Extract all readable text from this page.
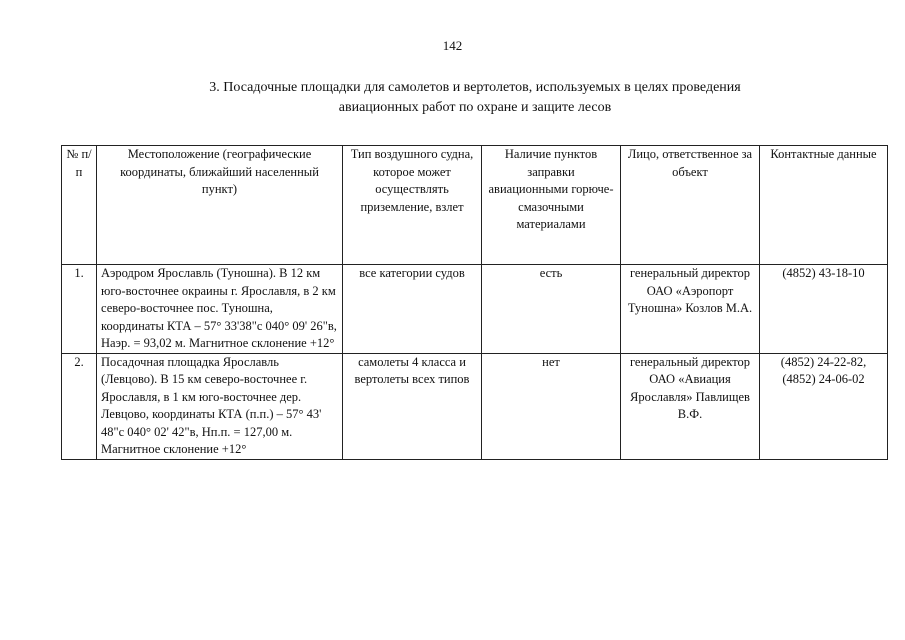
142
3. Посадочные площадки для самолетов и вертолетов, используемых в целях проведения
авиационных работ по охране и защите лесов
№ п/п	Местоположение (географические координаты, ближайший населенный пункт)	Тип воздушного судна, которое может осуществлять приземление, взлет	Наличие пунктов заправки авиационными горюче-смазочными материалами	Лицо, ответственное за объект	Контактные данные
1.	Аэродром Ярославль (Туношна). В 12 км юго-восточнее окраины г. Ярославля, в 2 км северо-восточнее пос. Туношна, координаты КТА – 57° 33'38"с 040° 09' 26"в, Наэр. = 93,02 м. Магнитное склонение +12°	все категории судов	есть	генеральный директор ОАО «Аэропорт Туношна» Козлов М.А.	(4852) 43-18-10
2.	Посадочная площадка Ярославль (Левцово). В 15 км северо-восточнее г. Ярославля, в 1 км юго-восточнее дер. Левцово, координаты КТА (п.п.) – 57° 43' 48"с 040° 02' 42"в, Нп.п. = 127,00 м. Магнитное склонение +12°	самолеты 4 класса и вертолеты всех типов	нет	генеральный директор ОАО «Авиация Ярославля» Павлищев В.Ф.	(4852) 24-22-82, (4852) 24-06-02
